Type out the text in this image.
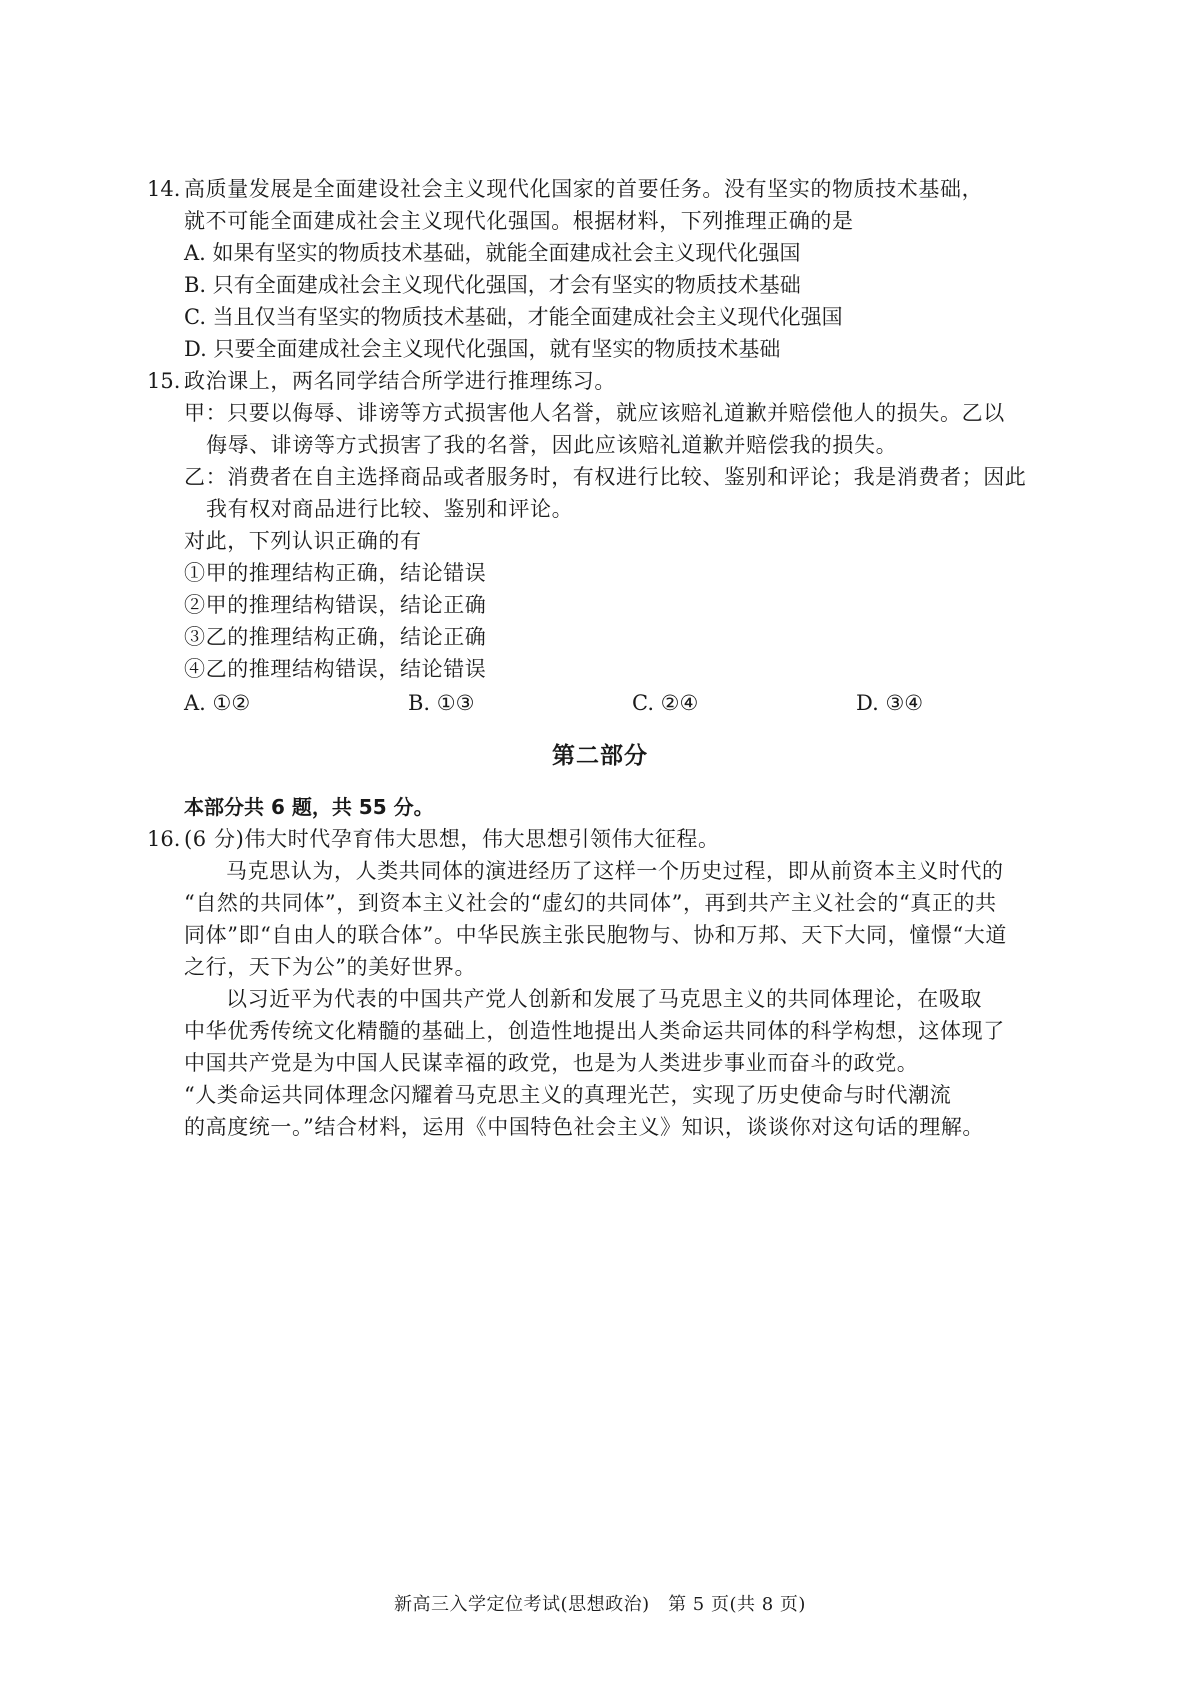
14. 高质量发展是全面建设社会主义现代化国家的首要任务。没有坚实的物质技术基础，
就不可能全面建成社会主义现代化强国。根据材料，下列推理正确的是
A. 如果有坚实的物质技术基础，就能全面建成社会主义现代化强国
B. 只有全面建成社会主义现代化强国，才会有坚实的物质技术基础
C. 当且仅当有坚实的物质技术基础，才能全面建成社会主义现代化强国
D. 只要全面建成社会主义现代化强国，就有坚实的物质技术基础
15. 政治课上，两名同学结合所学进行推理练习。
甲：只要以侮辱、诽谤等方式损害他人名誉，就应该赔礼道歉并赔偿他人的损失。乙以
侮辱、诽谤等方式损害了我的名誉，因此应该赔礼道歉并赔偿我的损失。
乙：消费者在自主选择商品或者服务时，有权进行比较、鉴别和评论；我是消费者；因此
我有权对商品进行比较、鉴别和评论。
对此，下列认识正确的有
①甲的推理结构正确，结论错误
②甲的推理结构错误，结论正确
③乙的推理结构正确，结论正确
④乙的推理结构错误，结论错误
A. ①②	B. ①③	C. ②④	D. ③④
第二部分
本部分共 6 题，共 55 分。
16. (6 分)伟大时代孕育伟大思想，伟大思想引领伟大征程。
马克思认为，人类共同体的演进经历了这样一个历史过程，即从前资本主义时代的
“自然的共同体”，到资本主义社会的“虚幻的共同体”，再到共产主义社会的“真正的共
同体”即“自由人的联合体”。中华民族主张民胞物与、协和万邦、天下大同，憧憬“大道
之行，天下为公”的美好世界。
以习近平为代表的中国共产党人创新和发展了马克思主义的共同体理论，在吸取
中华优秀传统文化精髓的基础上，创造性地提出人类命运共同体的科学构想，这体现了
中国共产党是为中国人民谋幸福的政党，也是为人类进步事业而奋斗的政党。
“人类命运共同体理念闪耀着马克思主义的真理光芒，实现了历史使命与时代潮流
的高度统一。”结合材料，运用《中国特色社会主义》知识，谈谈你对这句话的理解。
新高三入学定位考试(思想政治)　第 5 页(共 8 页)
